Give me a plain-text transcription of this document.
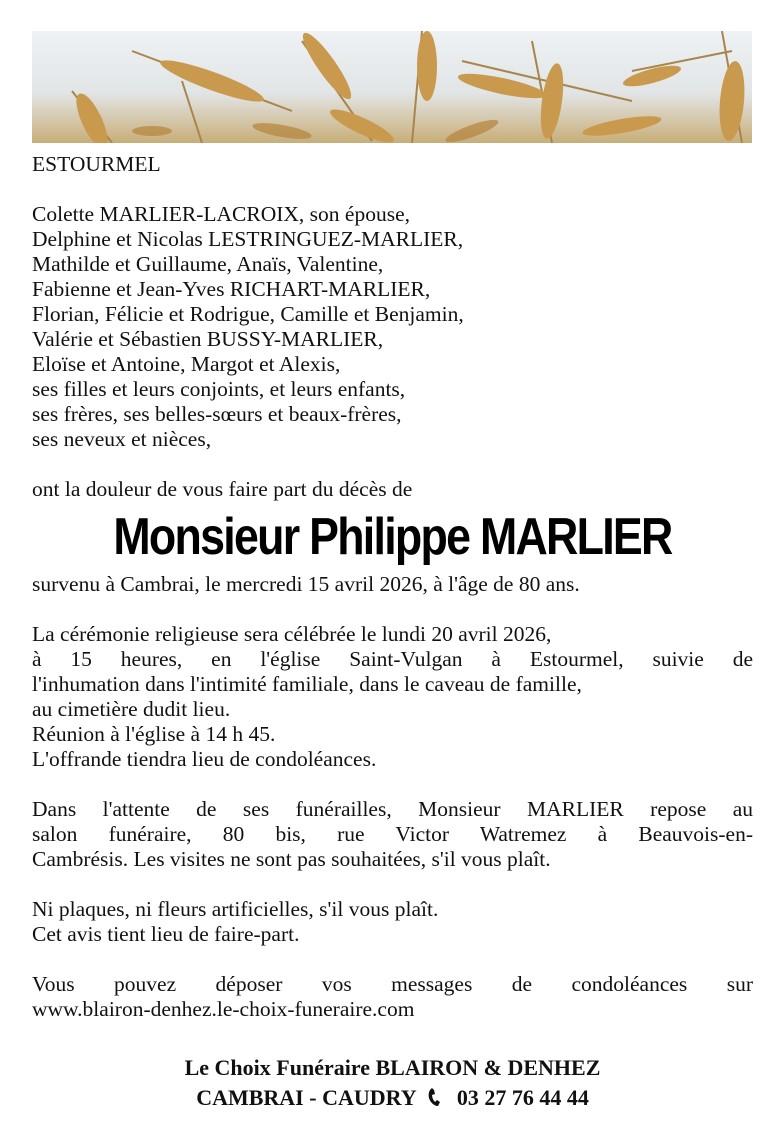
ESTOURMEL
Colette MARLIER-LACROIX, son épouse,
Delphine et Nicolas LESTRINGUEZ-MARLIER,
Mathilde et Guillaume, Anaïs, Valentine,
Fabienne et Jean-Yves RICHART-MARLIER,
Florian, Félicie et Rodrigue, Camille et Benjamin,
Valérie et Sébastien BUSSY-MARLIER,
Eloïse et Antoine, Margot et Alexis,
ses filles et leurs conjoints, et leurs enfants,
ses frères, ses belles-sœurs et beaux-frères,
ses neveux et nièces,
ont la douleur de vous faire part du décès de
Monsieur Philippe MARLIER
survenu à Cambrai, le mercredi 15 avril 2026, à l'âge de 80 ans.
La cérémonie religieuse sera célébrée le lundi 20 avril 2026,
à 15 heures, en l'église Saint-Vulgan à Estourmel, suivie de
l'inhumation dans l'intimité familiale, dans le caveau de famille,
au cimetière dudit lieu.
Réunion à l'église à 14 h 45.
L'offrande tiendra lieu de condoléances.
Dans l'attente de ses funérailles, Monsieur MARLIER repose au
salon funéraire, 80 bis, rue Victor Watremez à Beauvois-en-
Cambrésis. Les visites ne sont pas souhaitées, s'il vous plaît.
Ni plaques, ni fleurs artificielles, s'il vous plaît.
Cet avis tient lieu de faire-part.
Vous pouvez déposer vos messages de condoléances sur
www.blairon-denhez.le-choix-funeraire.com
Le Choix Funéraire BLAIRON & DENHEZ
CAMBRAI - CAUDRY 03 27 76 44 44
